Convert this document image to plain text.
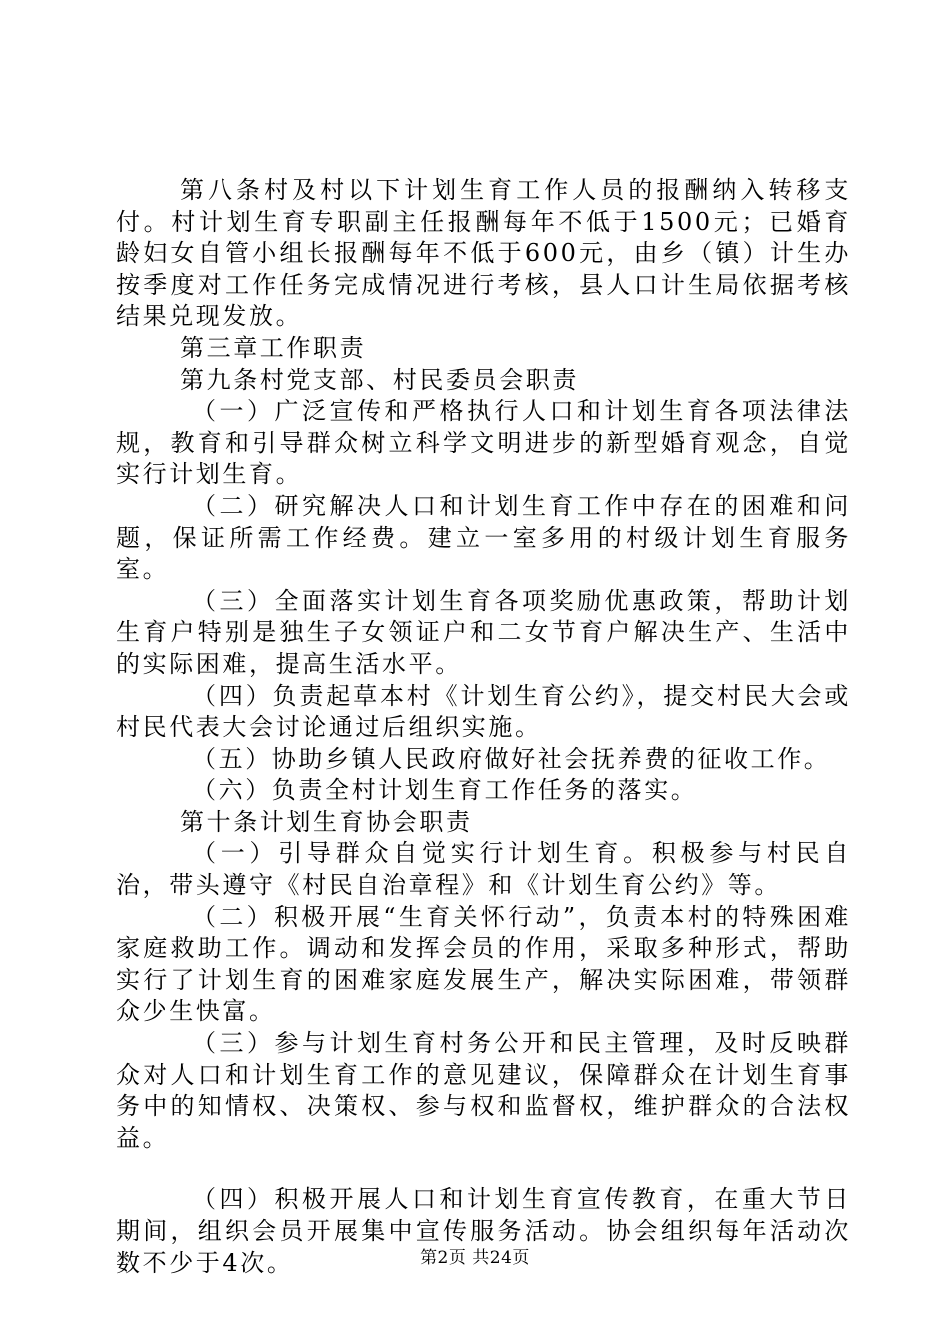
第八条村及村以下计划生育工作人员的报酬纳入转移支付。村计划生育专职副主任报酬每年不低于1500元；已婚育龄妇女自管小组长报酬每年不低于600元，由乡（镇）计生办按季度对工作任务完成情况进行考核，县人口计生局依据考核结果兑现发放。

第三章工作职责

第九条村党支部、村民委员会职责

（一）广泛宣传和严格执行人口和计划生育各项法律法规，教育和引导群众树立科学文明进步的新型婚育观念，自觉实行计划生育。

（二）研究解决人口和计划生育工作中存在的困难和问题，保证所需工作经费。建立一室多用的村级计划生育服务室。

（三）全面落实计划生育各项奖励优惠政策，帮助计划生育户特别是独生子女领证户和二女节育户解决生产、生活中的实际困难，提高生活水平。

（四）负责起草本村《计划生育公约》，提交村民大会或村民代表大会讨论通过后组织实施。

（五）协助乡镇人民政府做好社会抚养费的征收工作。

（六）负责全村计划生育工作任务的落实。

第十条计划生育协会职责

（一）引导群众自觉实行计划生育。积极参与村民自治，带头遵守《村民自治章程》和《计划生育公约》等。

（二）积极开展“生育关怀行动”，负责本村的特殊困难家庭救助工作。调动和发挥会员的作用，采取多种形式，帮助实行了计划生育的困难家庭发展生产，解决实际困难，带领群众少生快富。

（三）参与计划生育村务公开和民主管理，及时反映群众对人口和计划生育工作的意见建议，保障群众在计划生育事务中的知情权、决策权、参与权和监督权，维护群众的合法权益。

（四）积极开展人口和计划生育宣传教育，在重大节日期间，组织会员开展集中宣传服务活动。协会组织每年活动次数不少于4次。	第2页 共24页
